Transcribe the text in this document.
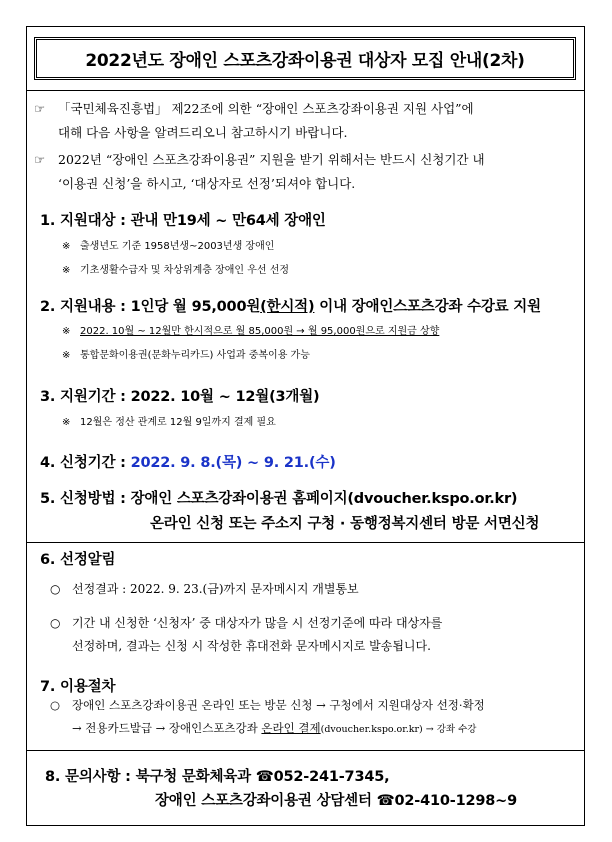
2022년도 장애인 스포츠강좌이용권 대상자 모집 안내(2차)
☞ 「국민체육진흥법」 제22조에 의한 “장애인 스포츠강좌이용권 지원 사업”에
대해 다음 사항을 알려드리오니 참고하시기 바랍니다.
☞ 2022년 “장애인 스포츠강좌이용권” 지원을 받기 위해서는 반드시 신청기간 내
‘이용권 신청’을 하시고, ‘대상자로 선정’되셔야 합니다.
1. 지원대상 : 관내 만19세 ~ 만64세 장애인
※ 출생년도 기준 1958년생~2003년생 장애인
※ 기초생활수급자 및 차상위계층 장애인 우선 선정
2. 지원내용 : 1인당 월 95,000원(한시적) 이내 장애인스포츠강좌 수강료 지원
※ 2022. 10월 ~ 12월만 한시적으로 월 85,000원 → 월 95,000원으로 지원금 상향
※ 통합문화이용권(문화누리카드) 사업과 중복이용 가능
3. 지원기간 : 2022. 10월 ~ 12월(3개월)
※ 12월은 정산 관계로 12월 9일까지 결제 필요
4. 신청기간 : 2022. 9. 8.(목) ~ 9. 21.(수)
5. 신청방법 : 장애인 스포츠강좌이용권 홈페이지(dvoucher.kspo.or.kr)
온라인 신청 또는 주소지 구청 · 동행정복지센터 방문 서면신청
6. 선정알림
○ 선정결과 : 2022. 9. 23.(금)까지 문자메시지 개별통보
○ 기간 내 신청한 ‘신청자’ 중 대상자가 많을 시 선정기준에 따라 대상자를
선정하며, 결과는 신청 시 작성한 휴대전화 문자메시지로 발송됩니다.
7. 이용절차
○ 장애인 스포츠강좌이용권 온라인 또는 방문 신청 → 구청에서 지원대상자 선정·확정
→ 전용카드발급 → 장애인스포츠강좌 온라인 결제(dvoucher.kspo.or.kr) → 강좌 수강
8. 문의사항 : 북구청 문화체육과 ☎052-241-7345,
장애인 스포츠강좌이용권 상담센터 ☎02-410-1298~9
